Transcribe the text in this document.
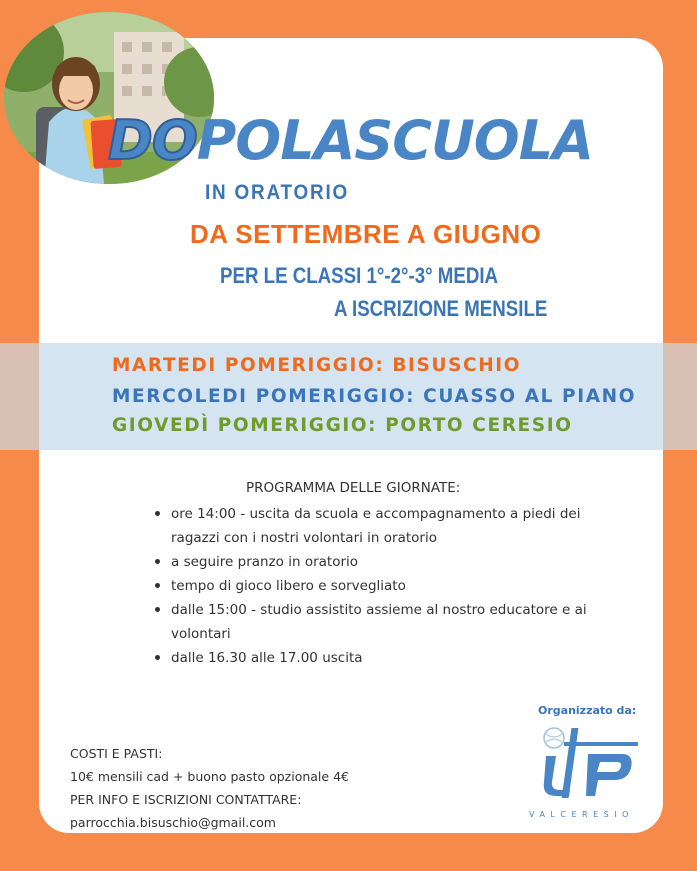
DOPOLASCUOLA
IN ORATORIO
DA SETTEMBRE A GIUGNO
PER LE CLASSI 1°-2°-3° MEDIA
A ISCRIZIONE MENSILE
MARTEDI POMERIGGIO: BISUSCHIO
MERCOLEDI POMERIGGIO: CUASSO AL PIANO
GIOVEDÌ POMERIGGIO: PORTO CERESIO
PROGRAMMA DELLE GIORNATE:
ore 14:00 - uscita da scuola e accompagnamento a piedi dei ragazzi con i nostri volontari in oratorio
a seguire pranzo in oratorio
tempo di gioco libero e sorvegliato
dalle 15:00 - studio assistito assieme al nostro educatore e ai volontari
dalle 16.30 alle 17.00 uscita
COSTI E PASTI:
10€ mensili cad + buono pasto opzionale 4€
PER INFO E ISCRIZIONI CONTATTARE:
parrocchia.bisuschio@gmail.com
Organizzato da:
VALCERESIO
